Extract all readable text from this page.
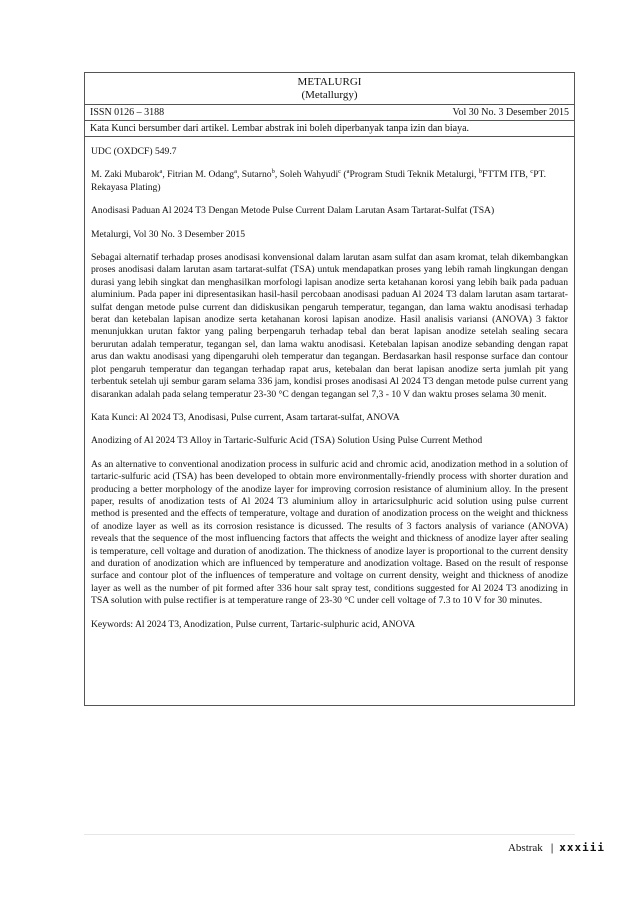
METALURGI
(Metallurgy)
ISSN 0126 – 3188	Vol 30 No. 3 Desember 2015
Kata Kunci bersumber dari artikel. Lembar abstrak ini boleh diperbanyak tanpa izin dan biaya.

UDC (OXDCF) 549.7

M. Zaki Mubarok$^a$, Fitrian M. Odang$^a$, Sutarno$^b$, Soleh Wahyudi$^c$ ($^a$Program Studi Teknik Metalurgi, $^b$FTTM ITB, $^c$PT. Rekayasa Plating)

Anodisasi Paduan Al 2024 T3 Dengan Metode Pulse Current Dalam Larutan Asam Tartarat-Sulfat (TSA)

Metalurgi, Vol 30 No. 3 Desember 2015

Sebagai alternatif terhadap proses anodisasi konvensional dalam larutan asam sulfat dan asam kromat, telah dikembangkan proses anodisasi dalam larutan asam tartarat-sulfat (TSA) untuk mendapatkan proses yang lebih ramah lingkungan dengan durasi yang lebih singkat dan menghasilkan morfologi lapisan anodize serta ketahanan korosi yang lebih baik pada paduan aluminium. Pada paper ini dipresentasikan hasil-hasil percobaan anodisasi paduan Al 2024 T3 dalam larutan asam tartarat-sulfat dengan metode pulse current dan didiskusikan pengaruh temperatur, tegangan, dan lama waktu anodisasi terhadap berat dan ketebalan lapisan anodize serta ketahanan korosi lapisan anodize. Hasil analisis variansi (ANOVA) 3 faktor menunjukkan urutan faktor yang paling berpengaruh terhadap tebal dan berat lapisan anodize setelah sealing secara berurutan adalah temperatur, tegangan sel, dan lama waktu anodisasi. Ketebalan lapisan anodize sebanding dengan rapat arus dan waktu anodisasi yang dipengaruhi oleh temperatur dan tegangan. Berdasarkan hasil response surface dan contour plot pengaruh temperatur dan tegangan terhadap rapat arus, ketebalan dan berat lapisan anodize serta jumlah pit yang terbentuk setelah uji sembur garam selama 336 jam, kondisi proses anodisasi Al 2024 T3 dengan metode pulse current yang disarankan adalah pada selang temperatur 23-30 °C dengan tegangan sel 7,3 - 10 V dan waktu proses selama 30 menit.

Kata Kunci: Al 2024 T3, Anodisasi, Pulse current, Asam tartarat-sulfat, ANOVA

Anodizing of Al 2024 T3 Alloy in Tartaric-Sulfuric Acid (TSA) Solution Using Pulse Current Method

As an alternative to conventional anodization process in sulfuric acid and chromic acid, anodization method in a solution of tartaric-sulfuric acid (TSA) has been developed to obtain more environmentally-friendly process with shorter duration and producing a better morphology of the anodize layer for improving corrosion resistance of aluminium alloy. In the present paper, results of anodization tests of Al 2024 T3 aluminium alloy in artaricsulphuric acid solution using pulse current method is presented and the effects of temperature, voltage and duration of anodization process on the weight and thickness of anodize layer as well as its corrosion resistance is dicussed. The results of 3 factors analysis of variance (ANOVA) reveals that the sequence of the most influencing factors that affects the weight and thickness of anodize layer after sealing is temperature, cell voltage and duration of anodization. The thickness of anodize layer is proportional to the current density and duration of anodization which are influenced by temperature and anodization voltage. Based on the result of response surface and contour plot of the influences of temperature and voltage on current density, weight and thickness of anodize layer as well as the number of pit formed after 336 hour salt spray test, conditions suggested for Al 2024 T3 anodizing in TSA solution with pulse rectifier is at temperature range of 23-30 °C under cell voltage of 7.3 to 10 V for 30 minutes.

Keywords: Al 2024 T3, Anodization, Pulse current, Tartaric-sulphuric acid, ANOVA

Abstrak | xxxiii
